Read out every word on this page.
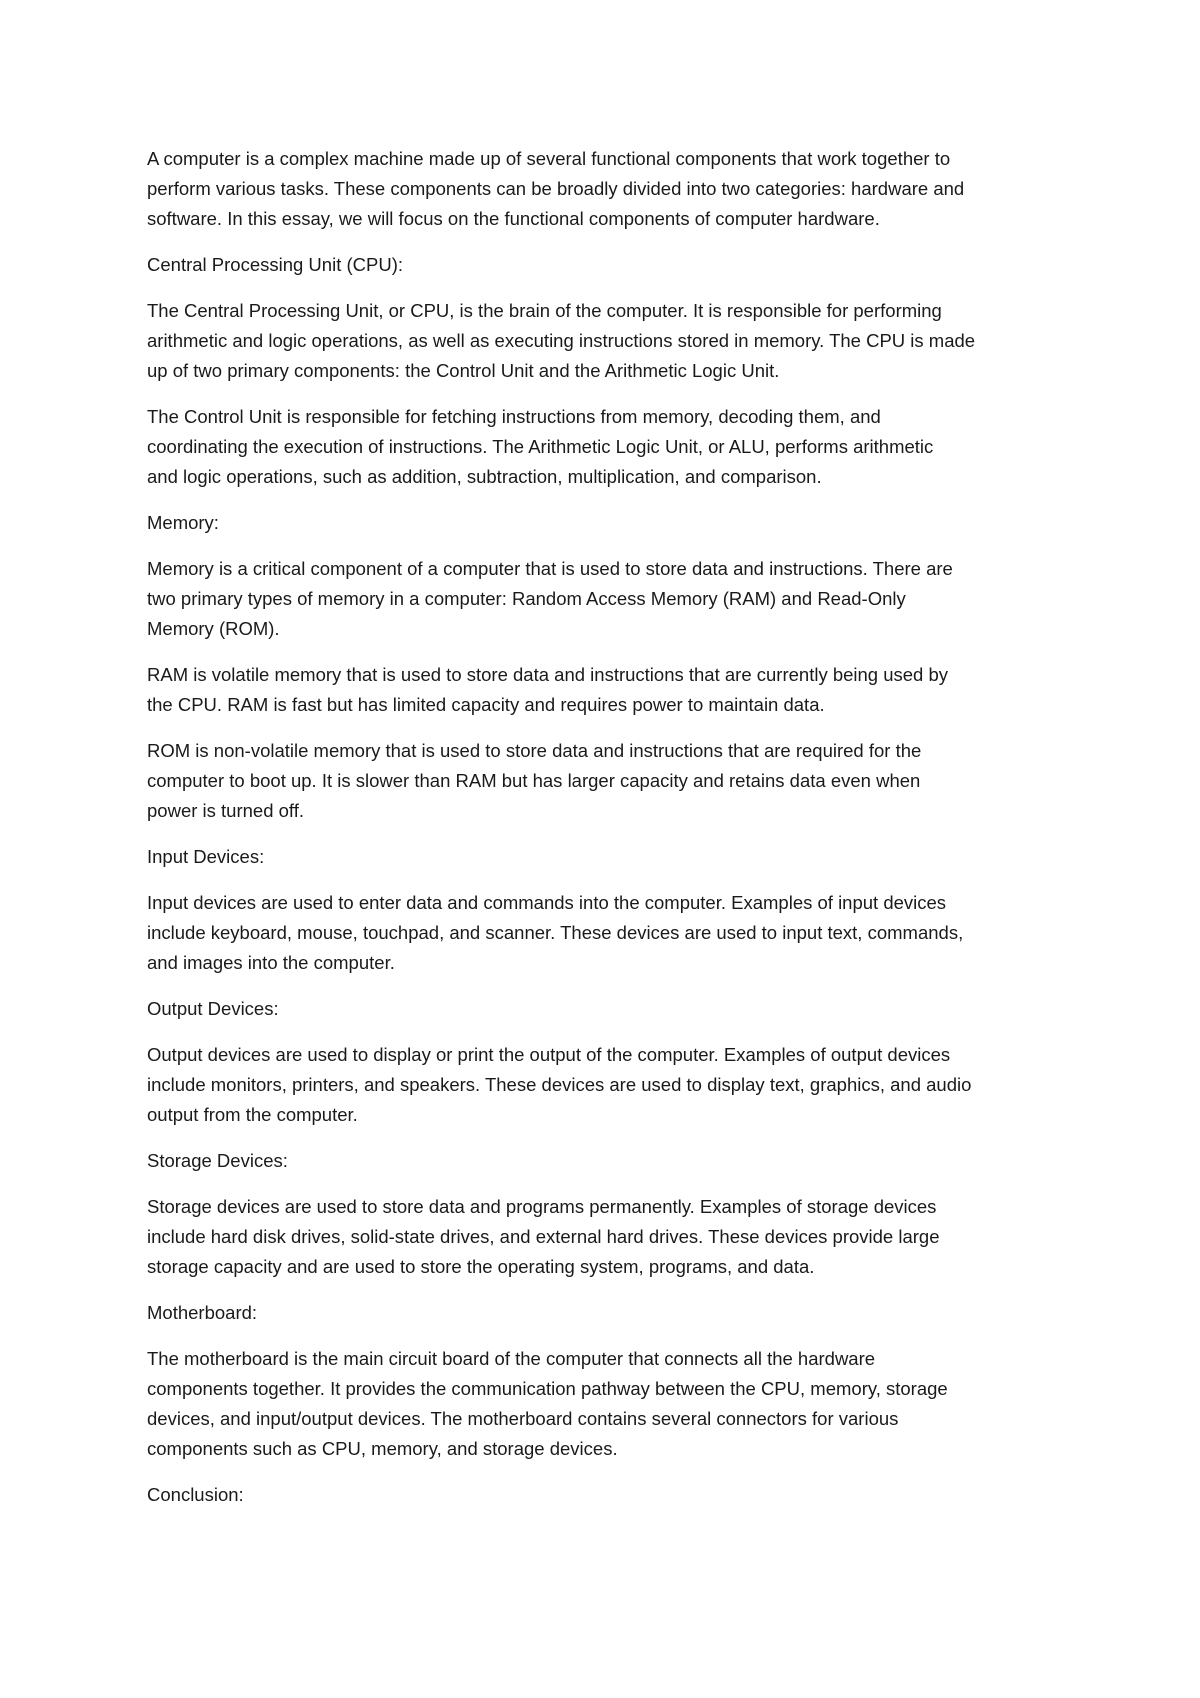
A computer is a complex machine made up of several functional components that work together to
perform various tasks. These components can be broadly divided into two categories: hardware and
software. In this essay, we will focus on the functional components of computer hardware.

Central Processing Unit (CPU):

The Central Processing Unit, or CPU, is the brain of the computer. It is responsible for performing
arithmetic and logic operations, as well as executing instructions stored in memory. The CPU is made
up of two primary components: the Control Unit and the Arithmetic Logic Unit.

The Control Unit is responsible for fetching instructions from memory, decoding them, and
coordinating the execution of instructions. The Arithmetic Logic Unit, or ALU, performs arithmetic
and logic operations, such as addition, subtraction, multiplication, and comparison.

Memory:

Memory is a critical component of a computer that is used to store data and instructions. There are
two primary types of memory in a computer: Random Access Memory (RAM) and Read-Only
Memory (ROM).

RAM is volatile memory that is used to store data and instructions that are currently being used by
the CPU. RAM is fast but has limited capacity and requires power to maintain data.

ROM is non-volatile memory that is used to store data and instructions that are required for the
computer to boot up. It is slower than RAM but has larger capacity and retains data even when
power is turned off.

Input Devices:

Input devices are used to enter data and commands into the computer. Examples of input devices
include keyboard, mouse, touchpad, and scanner. These devices are used to input text, commands,
and images into the computer.

Output Devices:

Output devices are used to display or print the output of the computer. Examples of output devices
include monitors, printers, and speakers. These devices are used to display text, graphics, and audio
output from the computer.

Storage Devices:

Storage devices are used to store data and programs permanently. Examples of storage devices
include hard disk drives, solid-state drives, and external hard drives. These devices provide large
storage capacity and are used to store the operating system, programs, and data.

Motherboard:

The motherboard is the main circuit board of the computer that connects all the hardware
components together. It provides the communication pathway between the CPU, memory, storage
devices, and input/output devices. The motherboard contains several connectors for various
components such as CPU, memory, and storage devices.

Conclusion:
